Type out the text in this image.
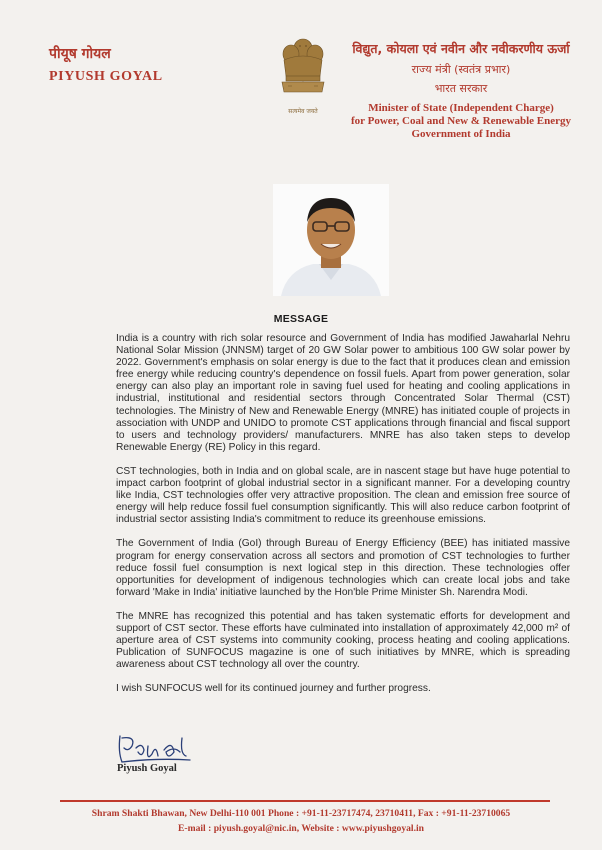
पीयूष गोयल
PIYUSH GOYAL
सत्यमेव जयते
विद्युत, कोयला एवं नवीन और नवीकरणीय ऊर्जा
राज्य मंत्री (स्वतंत्र प्रभार)
भारत सरकार
Minister of State (Independent Charge)
for Power, Coal and New & Renewable Energy
Government of India
MESSAGE

India is a country with rich solar resource and Government of India has modified Jawaharlal Nehru National Solar Mission (JNNSM) target of 20 GW Solar power to ambitious 100 GW solar power by 2022. Government's emphasis on solar energy is due to the fact that it produces clean and emission free energy while reducing country's dependence on fossil fuels. Apart from power generation, solar energy can also play an important role in saving fuel used for heating and cooling applications in industrial, institutional and residential sectors through Concentrated Solar Thermal (CST) technologies. The Ministry of New and Renewable Energy (MNRE) has initiated couple of projects in association with UNDP and UNIDO to promote CST applications through financial and fiscal support to users and technology providers/ manufacturers. MNRE has also taken steps to develop Renewable Energy (RE) Policy in this regard.

CST technologies, both in India and on global scale, are in nascent stage but have huge potential to impact carbon footprint of global industrial sector in a significant manner. For a developing country like India, CST technologies offer very attractive proposition. The clean and emission free source of energy will help reduce fossil fuel consumption significantly. This will also reduce carbon footprint of industrial sector assisting India's commitment to reduce its greenhouse emissions.

The Government of India (GoI) through Bureau of Energy Efficiency (BEE) has initiated massive program for energy conservation across all sectors and promotion of CST technologies to further reduce fossil fuel consumption is next logical step in this direction. These technologies offer opportunities for development of indigenous technologies which can create local jobs and take forward 'Make in India' initiative launched by the Hon'ble Prime Minister Sh. Narendra Modi.

The MNRE has recognized this potential and has taken systematic efforts for development and support of CST sector. These efforts have culminated into installation of approximately 42,000 m² of aperture area of CST systems into community cooking, process heating and cooling applications. Publication of SUNFOCUS magazine is one of such initiatives by MNRE, which is spreading awareness about CST technology all over the country.

I wish SUNFOCUS well for its continued journey and further progress.

Piyush Goyal
Shram Shakti Bhawan, New Delhi-110 001 Phone : +91-11-23717474, 23710411, Fax : +91-11-23710065
E-mail : piyush.goyal@nic.in, Website : www.piyushgoyal.in
